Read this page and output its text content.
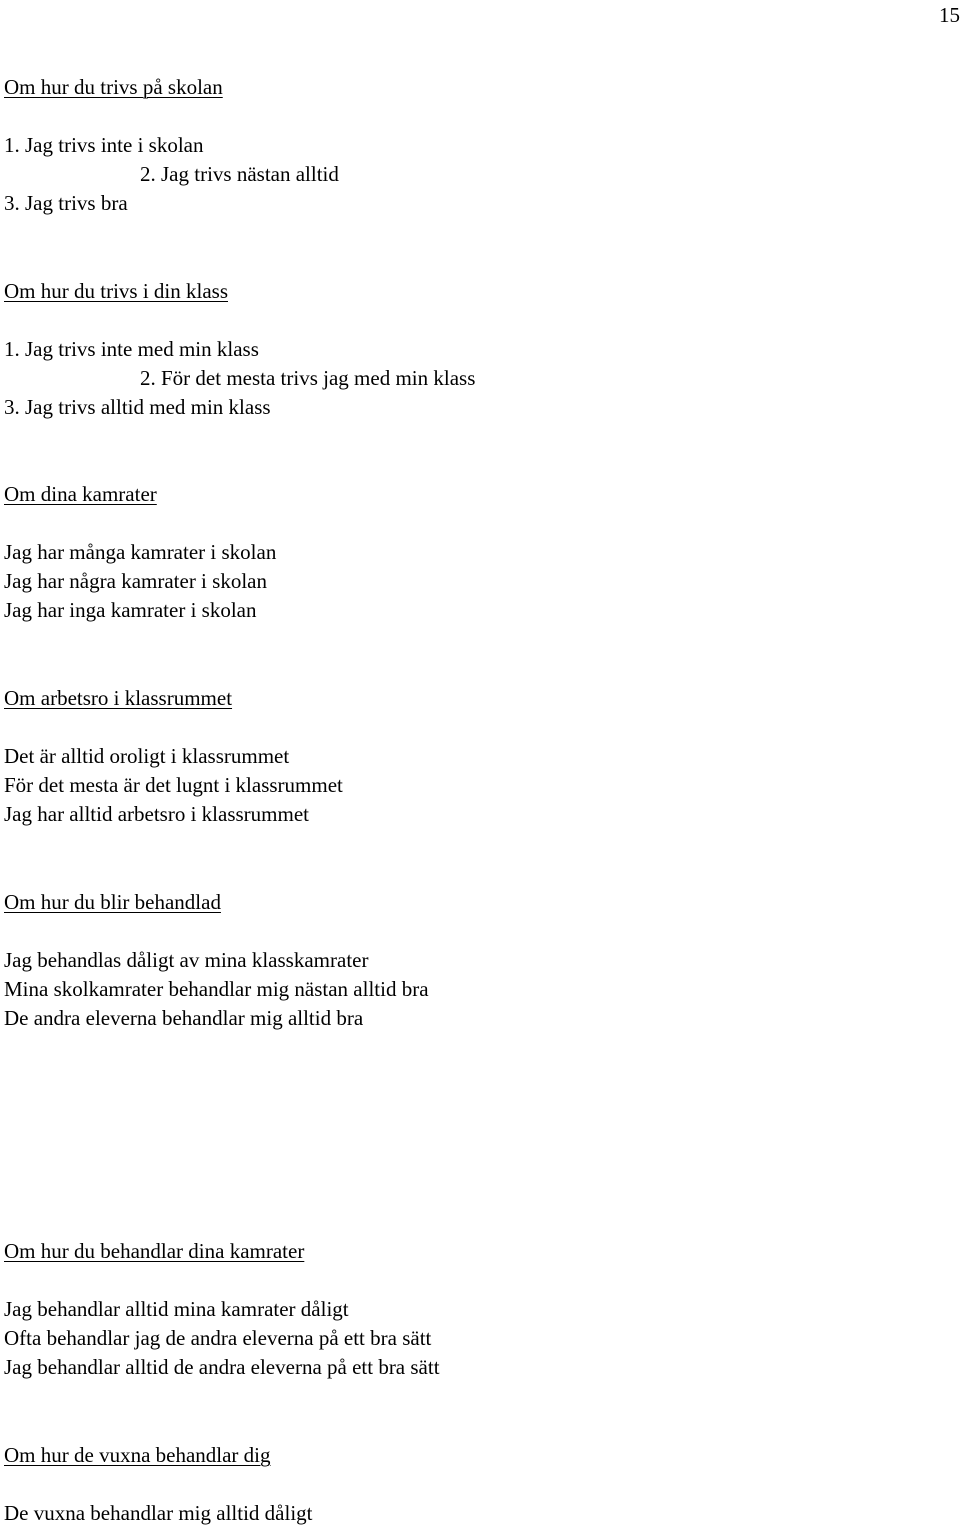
15
Om hur du trivs på skolan
1. Jag trivs inte i skolan
2. Jag trivs nästan alltid
3. Jag trivs bra
Om hur du trivs i din klass
1. Jag trivs inte med min klass
2. För det mesta trivs jag med min klass
3. Jag trivs alltid med min klass
Om dina kamrater
Jag har många kamrater i skolan
Jag har några kamrater i skolan
Jag har inga kamrater i skolan
Om arbetsro i klassrummet
Det är alltid oroligt i klassrummet
För det mesta är det lugnt i klassrummet
Jag har alltid arbetsro i klassrummet
Om hur du blir behandlad
Jag behandlas dåligt av mina klasskamrater
Mina skolkamrater behandlar mig nästan alltid bra
De andra eleverna behandlar mig alltid bra
Om hur du behandlar dina kamrater
Jag behandlar alltid mina kamrater dåligt
Ofta behandlar jag de andra eleverna på ett bra sätt
Jag behandlar alltid de andra eleverna på ett bra sätt
Om hur de vuxna behandlar dig
De vuxna behandlar mig alltid dåligt
